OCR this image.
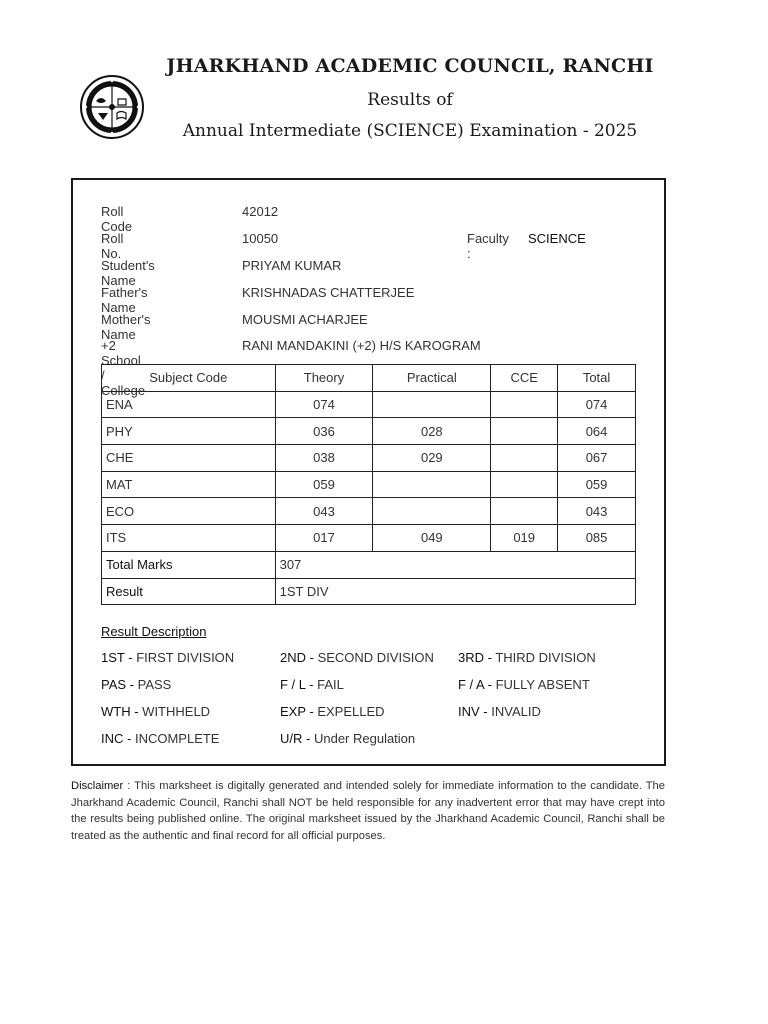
JHARKHAND ACADEMIC COUNCIL, RANCHI
Results of
Annual Intermediate (SCIENCE) Examination - 2025
Roll Code
42012
Roll No.
10050	Faculty :
SCIENCE
Student's Name
PRIYAM KUMAR
Father's Name
KRISHNADAS CHATTERJEE
Mother's Name
MOUSMI ACHARJEE
+2 School / College
RANI MANDAKINI (+2) H/S KAROGRAM
Subject Code	Theory	Practical	CCE	Total
ENA	074			074
PHY	036	028		064
CHE	038	029		067
MAT	059			059
ECO	043			043
ITS	017	049	019	085
Total Marks	307			
Result	1ST DIV			
Result Description
1ST - FIRST DIVISION	2ND - SECOND DIVISION 3RD - THIRD DIVISION
PAS - PASS	F / L - FAIL	F / A - FULLY ABSENT
WTH - WITHHELD	EXP - EXPELLED	INV - INVALID
INC - INCOMPLETE	U/R - Under Regulation
Disclaimer : This marksheet is digitally generated and intended solely for immediate information to the candidate. The Jharkhand Academic Council, Ranchi shall NOT be held responsible for any inadvertent error that may have crept into the results being published online. The original marksheet issued by the Jharkhand Academic Council, Ranchi shall be treated as the authentic and final record for all official purposes.
